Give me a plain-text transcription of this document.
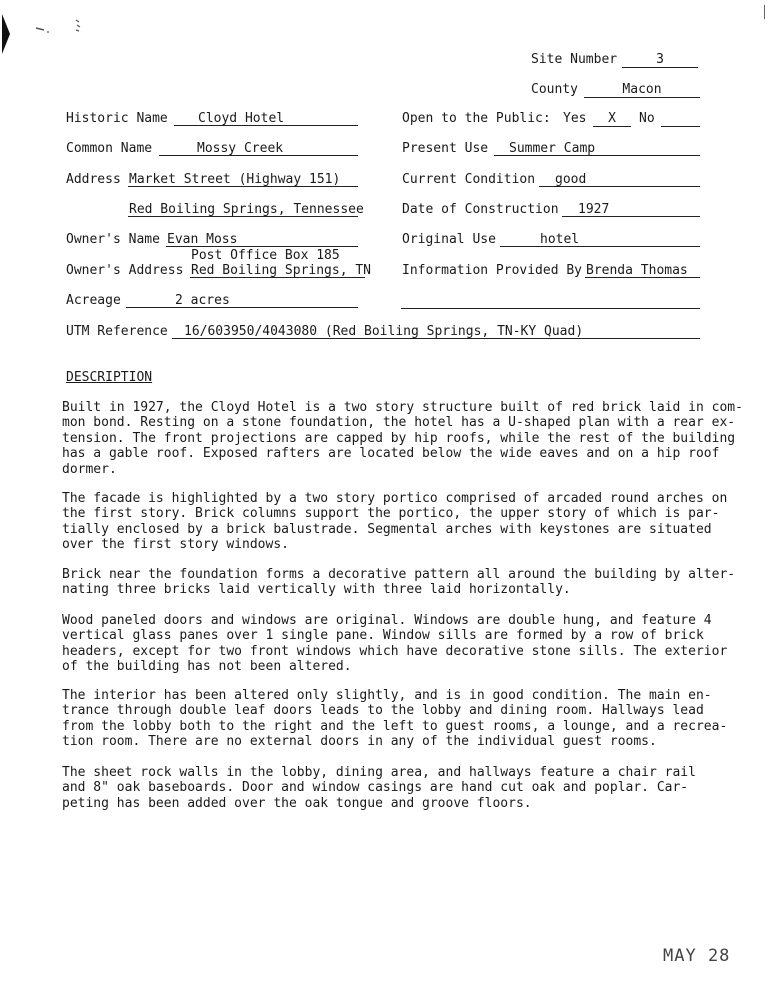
Site Number	3
County	Macon
Historic Name	Cloyd Hotel
Common Name	Mossy Creek
Address Market Street (Highway 151)
Red Boiling Springs, Tennessee
Owner's Name Evan Moss
Post Office Box 185
Owner's Address Red Boiling Springs, TN
Acreage	2 acres
Open to the Public: Yes	X	No
Present Use	Summer Camp
Current Condition	good
Date of Construction	1927
Original Use	hotel
Information Provided By Brenda Thomas
UTM Reference	16/603950/4043080 (Red Boiling Springs, TN-KY Quad)
DESCRIPTION
Built in 1927, the Cloyd Hotel is a two story structure built of red brick laid in com-
mon bond. Resting on a stone foundation, the hotel has a U-shaped plan with a rear ex-
tension. The front projections are capped by hip roofs, while the rest of the building
has a gable roof. Exposed rafters are located below the wide eaves and on a hip roof
dormer.
The facade is highlighted by a two story portico comprised of arcaded round arches on
the first story. Brick columns support the portico, the upper story of which is par-
tially enclosed by a brick balustrade. Segmental arches with keystones are situated
over the first story windows.
Brick near the foundation forms a decorative pattern all around the building by alter-
nating three bricks laid vertically with three laid horizontally.
Wood paneled doors and windows are original. Windows are double hung, and feature 4
vertical glass panes over 1 single pane. Window sills are formed by a row of brick
headers, except for two front windows which have decorative stone sills. The exterior
of the building has not been altered.
The interior has been altered only slightly, and is in good condition. The main en-
trance through double leaf doors leads to the lobby and dining room. Hallways lead
from the lobby both to the right and the left to guest rooms, a lounge, and a recrea-
tion room. There are no external doors in any of the individual guest rooms.
The sheet rock walls in the lobby, dining area, and hallways feature a chair rail
and 8" oak baseboards. Door and window casings are hand cut oak and poplar. Car-
peting has been added over the oak tongue and groove floors.
MAY 28
